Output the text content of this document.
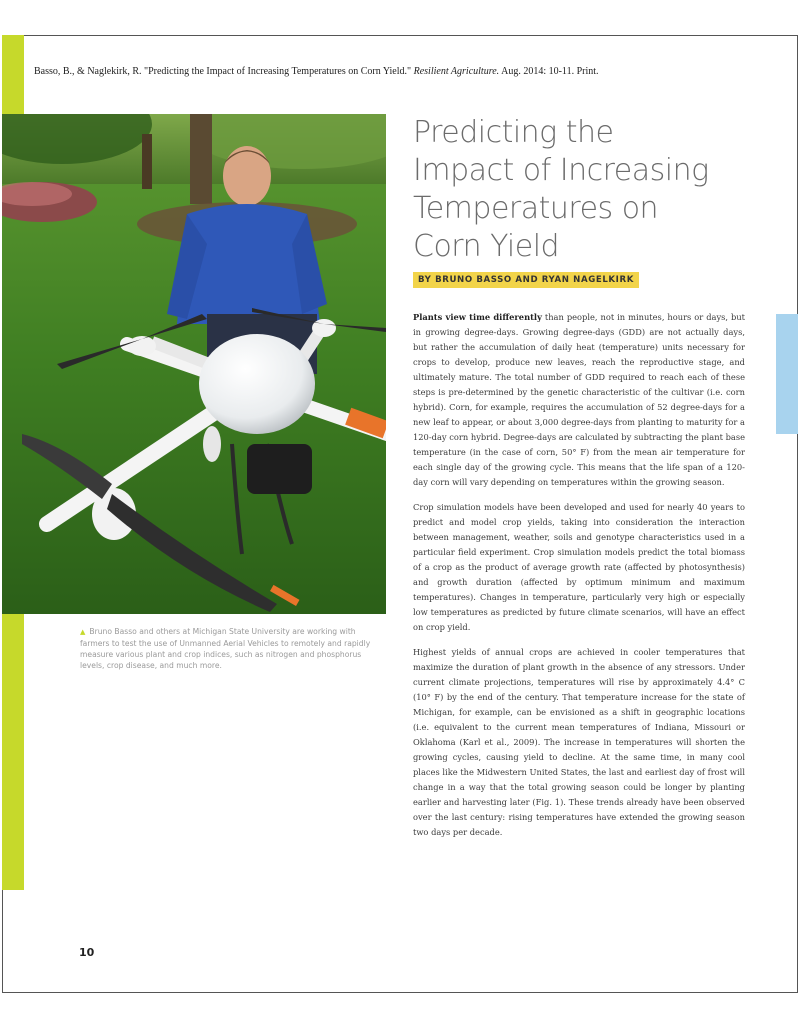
Basso, B., & Naglekirk, R. "Predicting the Impact of Increasing Temperatures on Corn Yield." Resilient Agriculture. Aug. 2014: 10-11. Print.
▲ Bruno Basso and others at Michigan State University are working with farmers to test the use of Unmanned Aerial Vehicles to remotely and rapidly measure various plant and crop indices, such as nitrogen and phosphorus levels, crop disease, and much more.
Predicting the
Impact of Increasing
Temperatures on
Corn Yield
BY BRUNO BASSO AND RYAN NAGELKIRK

Plants view time differently than people, not in minutes, hours or days, but in growing degree-days. Growing degree-days (GDD) are not actually days, but rather the accumulation of daily heat (temperature) units necessary for crops to develop, produce new leaves, reach the reproductive stage, and ultimately mature. The total number of GDD required to reach each of these steps is pre-determined by the genetic characteristic of the cultivar (i.e. corn hybrid). Corn, for example, requires the accumulation of 52 degree-days for a new leaf to appear, or about 3,000 degree-days from planting to maturity for a 120-day corn hybrid. Degree-days are calculated by subtracting the plant base temperature (in the case of corn, 50° F) from the mean air temperature for each single day of the growing cycle. This means that the life span of a 120-day corn will vary depending on temperatures within the growing season.

Crop simulation models have been developed and used for nearly 40 years to predict and model crop yields, taking into consideration the interaction between management, weather, soils and genotype characteristics used in a particular field experiment. Crop simulation models predict the total biomass of a crop as the product of average growth rate (affected by photosynthesis) and growth duration (affected by optimum minimum and maximum temperatures). Changes in temperature, particularly very high or especially low temperatures as predicted by future climate scenarios, will have an effect on crop yield.

Highest yields of annual crops are achieved in cooler temperatures that maximize the duration of plant growth in the absence of any stressors. Under current climate projections, temperatures will rise by approximately 4.4° C (10° F) by the end of the century. That temperature increase for the state of Michigan, for example, can be envisioned as a shift in geographic locations (i.e. equivalent to the current mean temperatures of Indiana, Missouri or Oklahoma (Karl et al., 2009). The increase in temperatures will shorten the growing cycles, causing yield to decline. At the same time, in many cool places like the Midwestern United States, the last and earliest day of frost will change in a way that the total growing season could be longer by planting earlier and harvesting later (Fig. 1). These trends already have been observed over the last century: rising temperatures have extended the growing season two days per decade.

10
